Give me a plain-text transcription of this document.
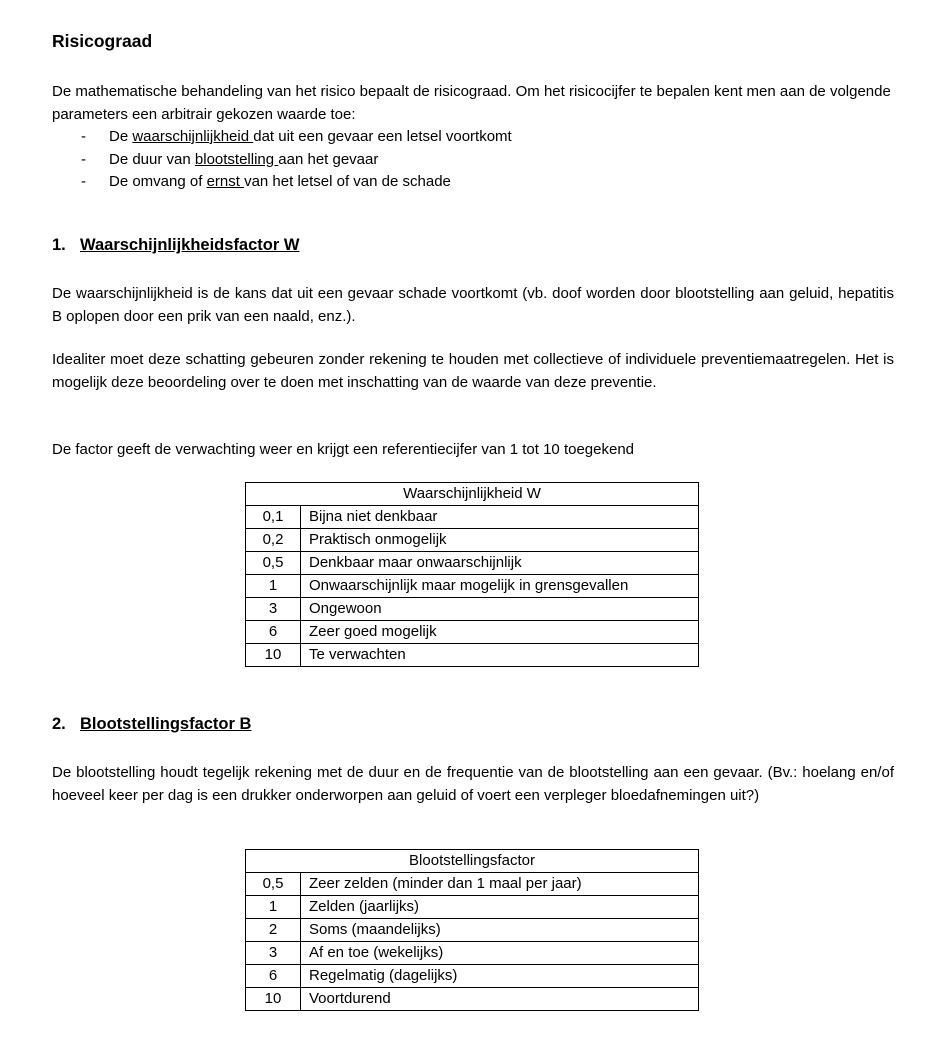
Risicograad

De mathematische behandeling van het risico bepaalt de risicograad. Om het risicocijfer te bepalen kent men aan de volgende parameters een arbitrair gekozen waarde toe:

- De waarschijnlijkheid dat uit een gevaar een letsel voortkomt
- De duur van blootstelling aan het gevaar
- De omvang of ernst van het letsel of van de schade
1. Waarschijnlijkheidsfactor W

De waarschijnlijkheid is de kans dat uit een gevaar schade voortkomt (vb. doof worden door blootstelling aan geluid, hepatitis B oplopen door een prik van een naald, enz.).

Idealiter moet deze schatting gebeuren zonder rekening te houden met collectieve of individuele preventiemaatregelen. Het is mogelijk deze beoordeling over te doen met inschatting van de waarde van deze preventie.

De factor geeft de verwachting weer en krijgt een referentiecijfer van 1 tot 10 toegekend

Waarschijnlijkheid W	
0,1	Bijna niet denkbaar
0,2	Praktisch onmogelijk
0,5	Denkbaar maar onwaarschijnlijk
1	Onwaarschijnlijk maar mogelijk in grensgevallen
3	Ongewoon
6	Zeer goed mogelijk
10	Te verwachten
2. Blootstellingsfactor B

De blootstelling houdt tegelijk rekening met de duur en de frequentie van de blootstelling aan een gevaar. (Bv.: hoelang en/of hoeveel keer per dag is een drukker onderworpen aan geluid of voert een verpleger bloedafnemingen uit?)

Blootstellingsfactor	
0,5	Zeer zelden (minder dan 1 maal per jaar)
1	Zelden (jaarlijks)
2	Soms (maandelijks)
3	Af en toe (wekelijks)
6	Regelmatig (dagelijks)
10	Voortdurend
